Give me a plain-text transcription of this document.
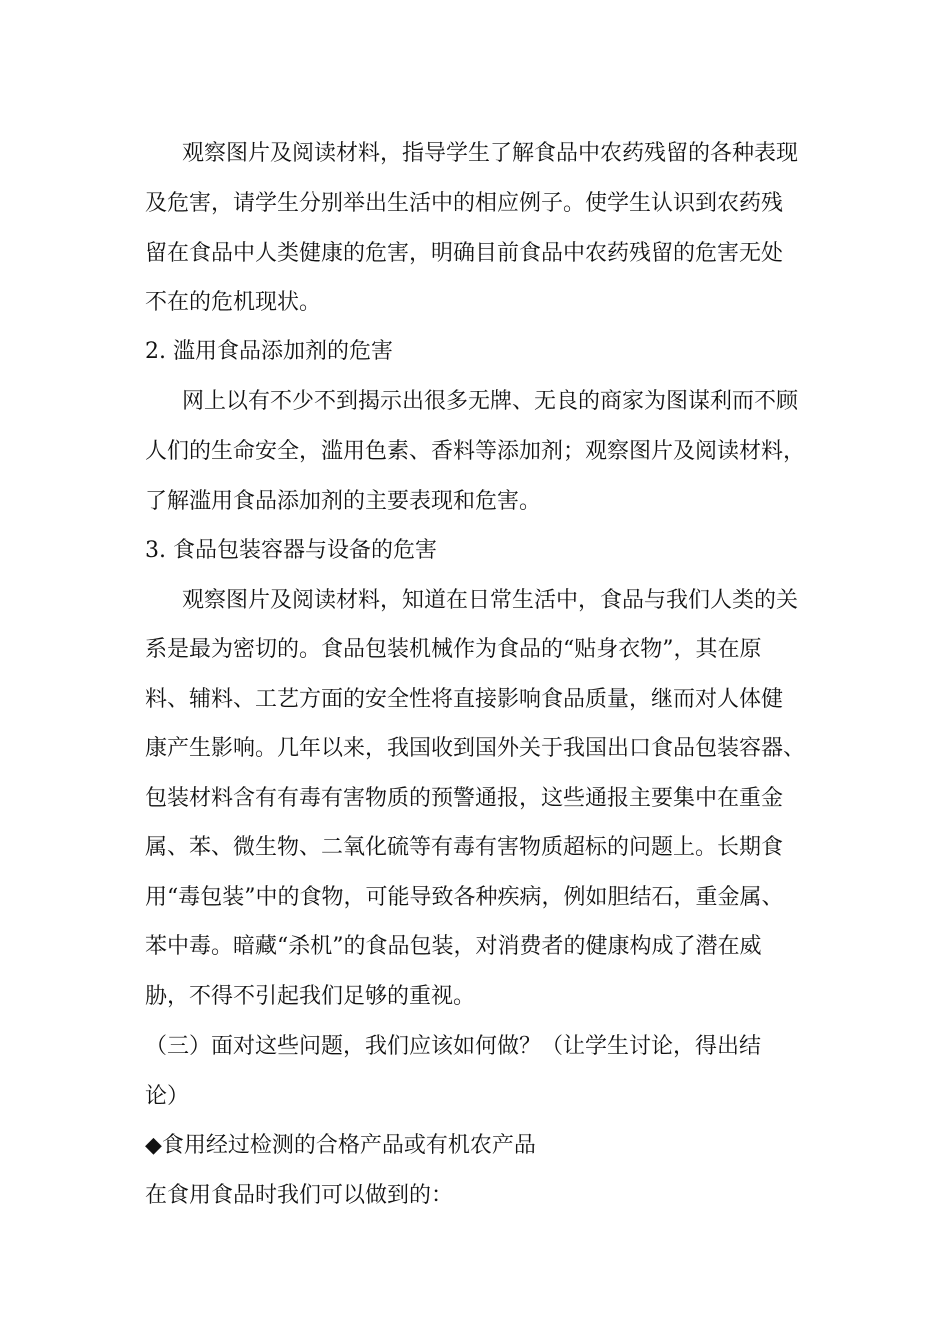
观察图片及阅读材料，指导学生了解食品中农药残留的各种表现
及危害，请学生分别举出生活中的相应例子。使学生认识到农药残
留在食品中人类健康的危害，明确目前食品中农药残留的危害无处
不在的危机现状。
2. 滥用食品添加剂的危害
网上以有不少不到揭示出很多无牌、无良的商家为图谋利而不顾
人们的生命安全，滥用色素、香料等添加剂；观察图片及阅读材料，
了解滥用食品添加剂的主要表现和危害。
3. 食品包装容器与设备的危害
观察图片及阅读材料，知道在日常生活中，食品与我们人类的关
系是最为密切的。食品包装机械作为食品的“贴身衣物”，其在原
料、辅料、工艺方面的安全性将直接影响食品质量，继而对人体健
康产生影响。几年以来，我国收到国外关于我国出口食品包装容器、
包装材料含有有毒有害物质的预警通报，这些通报主要集中在重金
属、苯、微生物、二氧化硫等有毒有害物质超标的问题上。长期食
用“毒包装”中的食物，可能导致各种疾病，例如胆结石，重金属、
苯中毒。暗藏“杀机”的食品包装，对消费者的健康构成了潜在威
胁，不得不引起我们足够的重视。
（三）面对这些问题，我们应该如何做？（让学生讨论，得出结
论）
◆食用经过检测的合格产品或有机农产品
在食用食品时我们可以做到的：
